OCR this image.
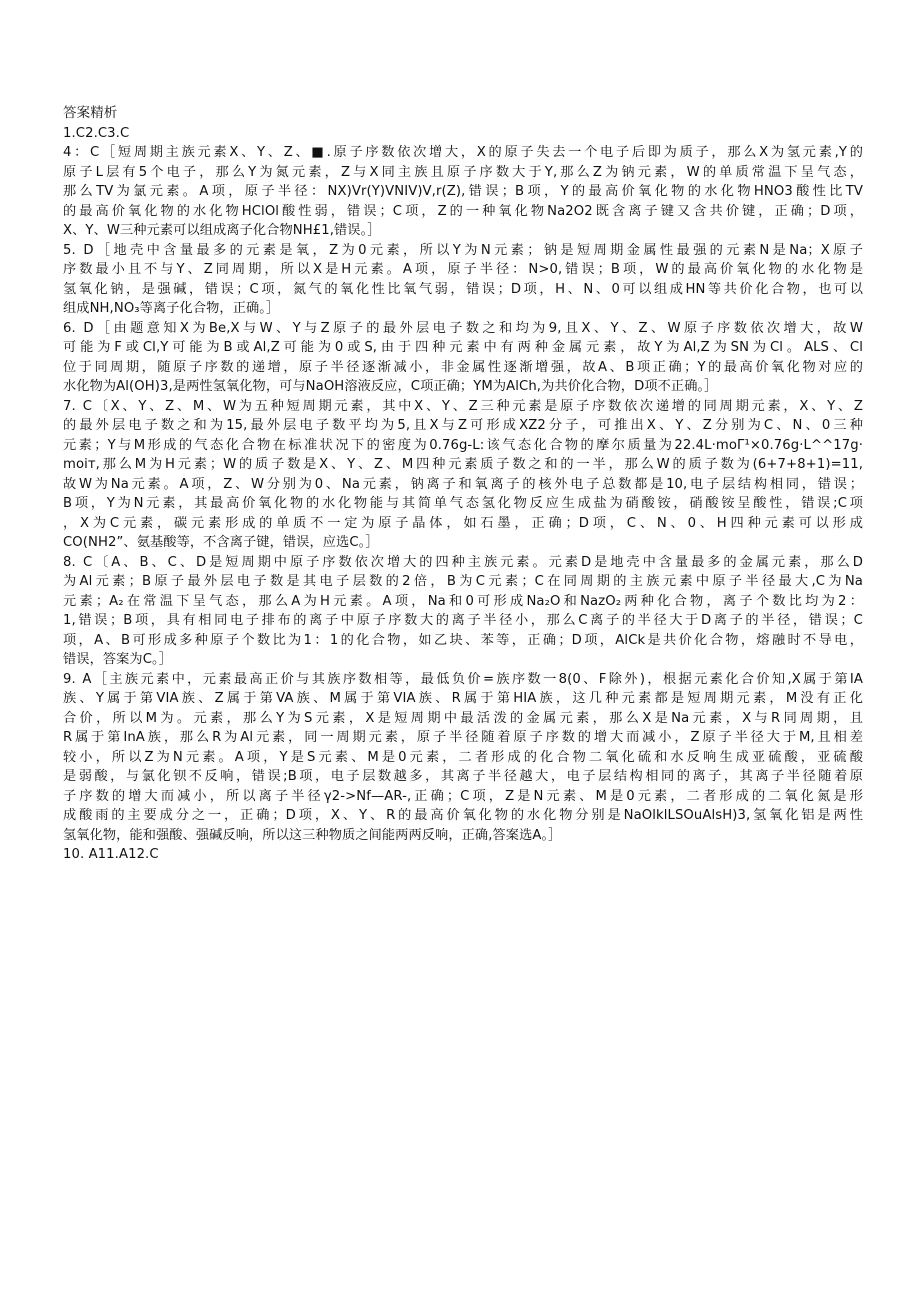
答案精析
1.C2.C3.C
4：C［短周期主族元素X、Y、Z、■.原子序数依次增大，X的原子失去一个电子后即为质子，那么X为氢元素,Y的
原子L层有5个电子，那么Y为氮元素，Z与X同主族且原子序数大于Y,那么Z为钠元素，W的单质常温下呈气态，
那么TV为氯元素。A项，原子半径：NX)Vr(Y)VNIV)V,r(Z),错误；B项，Y的最高价氧化物的水化物HNO3酸性比TV
的最高价氧化物的水化物HClOl酸性弱，错误；C项，Z的一种氧化物Na2O2既含离子键又含共价键，正确；D项，
X、Y、W三种元素可以组成离子化合物NH£1,错误。］
5. D［地壳中含量最多的元素是氧，Z为0元素，所以Y为N元素；钠是短周期金属性最强的元素N是Na；X原子
序数最小且不与Y、Z同周期，所以X是H元素。A项，原子半径：N>0,错误；B项，W的最高价氧化物的水化物是
氢氧化钠，是强碱，错误；C项，氮气的氧化性比氧气弱，错误；D项，H、N、0可以组成HN等共价化合物，也可以
组成NH,NO₃等离子化合物，正确。］
6. D［由题意知X为Be,X与W、Y与Z原子的最外层电子数之和均为9,且X、Y、Z、W原子序数依次增大，故W
可能为F或Cl,Y可能为B或Al,Z可能为0或S,由于四种元素中有两种金属元素，故Y为Al,Z为SN为Cl。ALS、Cl
位于同周期，随原子序数的递增，原子半径逐渐减小，非金属性逐渐增强，故A、B项正确；Y的最高价氧化物对应的
水化物为Al(OH)3,是两性氢氧化物，可与NaOH溶液反应，C项正确；YM为AlCh,为共价化合物，D项不正确。］
7. C〔X、Y、Z、M、W为五种短周期元素，其中X、Y、Z三种元素是原子序数依次递增的同周期元素，X、Y、Z
的最外层电子数之和为15,最外层电子数平均为5,且X与Z可形成XZ2分子，可推出X、Y、Z分别为C、N、0三种
元素；Y与M形成的气态化合物在标准状况下的密度为0.76g-L:该气态化合物的摩尔质量为22.4L·moΓ¹×0.76g·L^^17g·
moiт,那么M为H元素；W的质子数是X、Y、Z、M四种元素质子数之和的一半，那么W的质子数为(6+7+8+1)=11,
故W为Na元素。A项，Z、W分别为0、Na元素，钠离子和氧离子的核外电子总数都是10,电子层结构相同，错误；
B项，Y为N元素，其最高价氧化物的水化物能与其简单气态氢化物反应生成盐为硝酸铵，硝酸铵呈酸性，错误;C项
，X为C元素，碳元素形成的单质不一定为原子晶体，如石墨，正确；D项，C、N、0、H四种元素可以形成
CO(NH2”、氨基酸等，不含离子键，错误，应选C。］
8. C〔A、B、C、D是短周期中原子序数依次增大的四种主族元素。元素D是地壳中含量最多的金属元素，那么D
为Al元素；B原子最外层电子数是其电子层数的2倍，B为C元素；C在同周期的主族元素中原子半径最大,C为Na
元素；A₂在常温下呈气态，那么A为H元素。A项，Na和0可形成Na₂O和NazO₂两种化合物，离子个数比均为2：
1,错误；B项，具有相同电子排布的离子中原子序数大的离子半径小，那么C离子的半径大于D离子的半径，错误；C
项，A、B可形成多种原子个数比为1：1的化合物，如乙块、苯等，正确；D项，AlCk是共价化合物，熔融时不导电，
错误，答案为C。］
9. A［主族元素中，元素最高正价与其族序数相等，最低负价=族序数一8(0、F除外)，根据元素化合价知,X属于第IA
族、Y属于第VIA族、Z属于第VA族、M属于第VIA族、R属于第HIA族，这几种元素都是短周期元素，M没有正化
合价，所以M为。元素，那么Y为S元素，X是短周期中最活泼的金属元素，那么X是Na元素，X与R同周期，且
R属于第InA族，那么R为Al元素，同一周期元素，原子半径随着原子序数的增大而减小，Z原子半径大于M,且相差
较小，所以Z为N元素。A项，Y是S元素、M是0元素，二者形成的化合物二氧化硫和水反响生成亚硫酸，亚硫酸
是弱酸，与氯化钡不反响，错误;B项，电子层数越多，其离子半径越大，电子层结构相同的离子，其离子半径随着原
子序数的增大而减小，所以离子半径γ2->Nf—AR-,正确；C项，Z是N元素、M是0元素，二者形成的二氧化氮是形
成酸雨的主要成分之一，正确；D项，X、Y、R的最高价氧化物的水化物分别是NaOlklLSOuAlsH)3,氢氧化铝是两性
氢氧化物，能和强酸、强碱反响，所以这三种物质之间能两两反响，正确,答案选A。］
10. A11.A12.C
